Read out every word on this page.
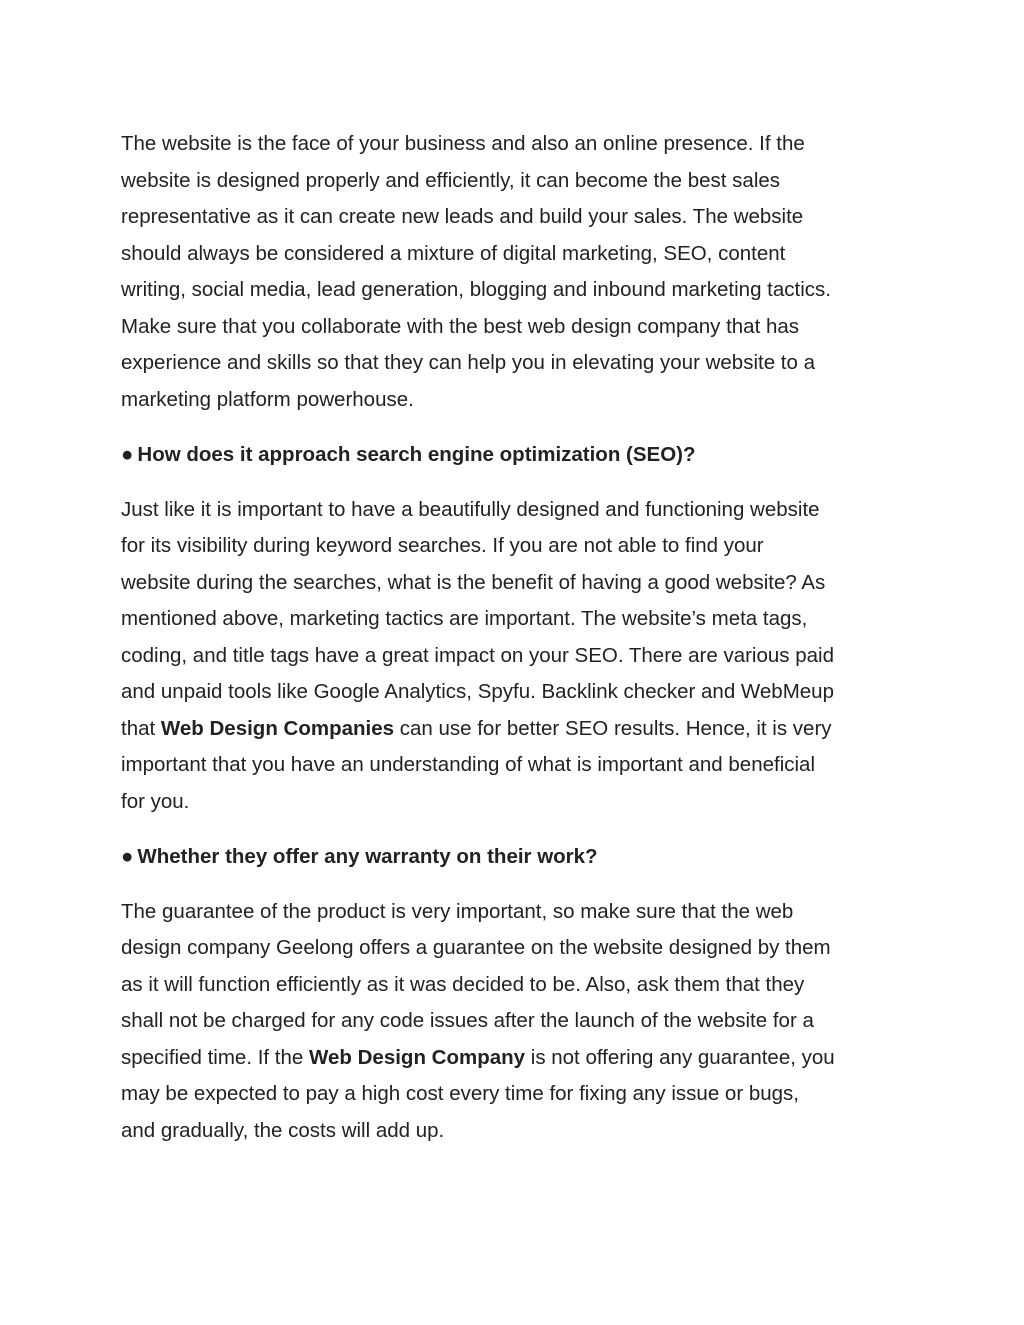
The website is the face of your business and also an online presence. If the
website is designed properly and efficiently, it can become the best sales
representative as it can create new leads and build your sales. The website
should always be considered a mixture of digital marketing, SEO, content
writing, social media, lead generation, blogging and inbound marketing tactics.
Make sure that you collaborate with the best web design company that has
experience and skills so that they can help you in elevating your website to a
marketing platform powerhouse.
● How does it approach search engine optimization (SEO)?
Just like it is important to have a beautifully designed and functioning website
for its visibility during keyword searches. If you are not able to find your
website during the searches, what is the benefit of having a good website? As
mentioned above, marketing tactics are important. The website’s meta tags,
coding, and title tags have a great impact on your SEO. There are various paid
and unpaid tools like Google Analytics, Spyfu. Backlink checker and WebMeup
that Web Design Companies can use for better SEO results. Hence, it is very
important that you have an understanding of what is important and beneficial
for you.
● Whether they offer any warranty on their work?
The guarantee of the product is very important, so make sure that the web
design company Geelong offers a guarantee on the website designed by them
as it will function efficiently as it was decided to be. Also, ask them that they
shall not be charged for any code issues after the launch of the website for a
specified time. If the Web Design Company is not offering any guarantee, you
may be expected to pay a high cost every time for fixing any issue or bugs,
and gradually, the costs will add up.
